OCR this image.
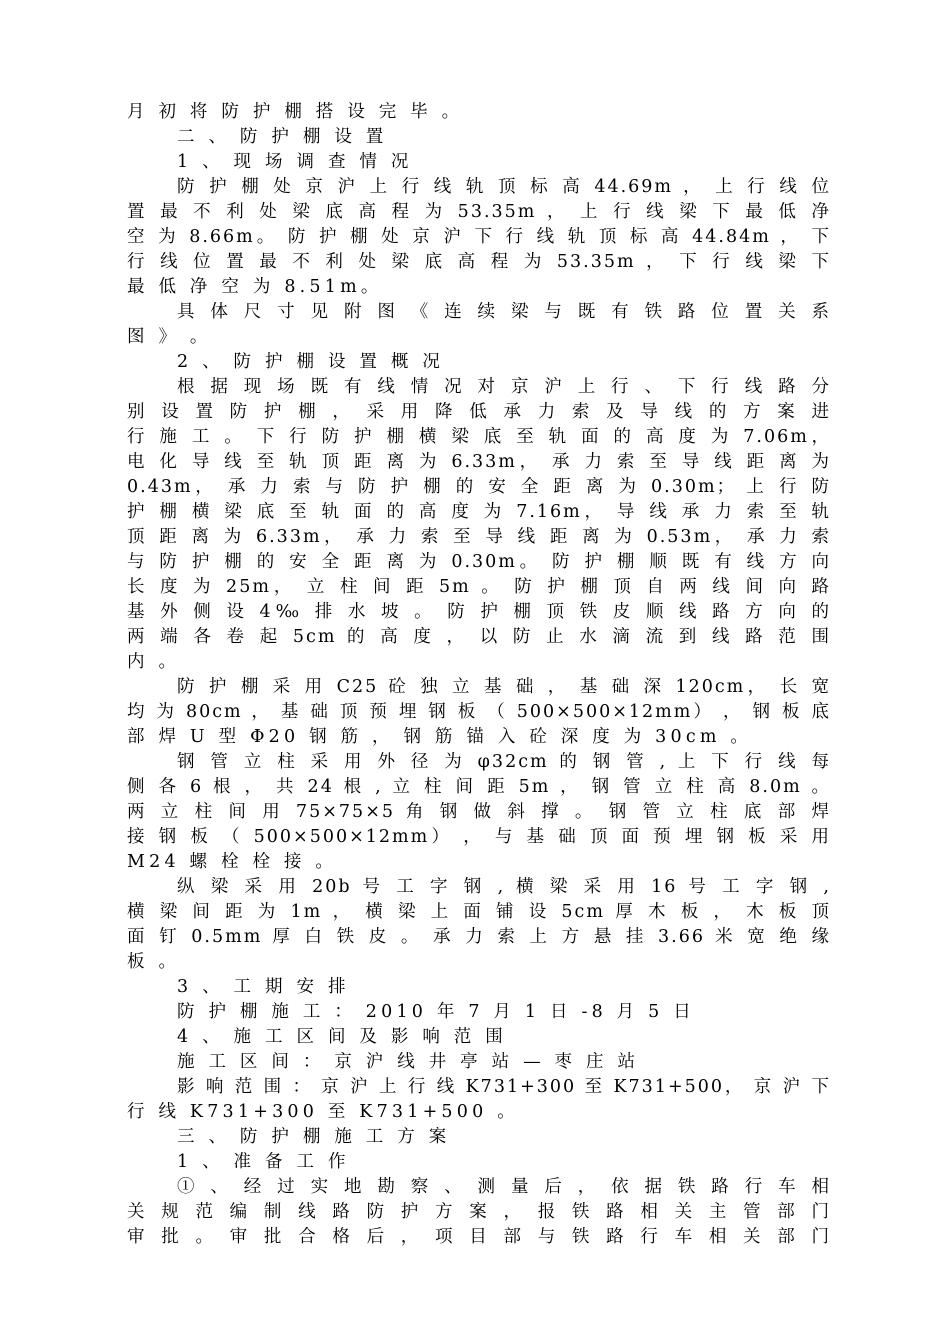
月 初 将 防 护 棚 搭 设 完 毕 。
二 、 防 护 棚 设 置
1 、 现 场 调 查 情 况
防 护 棚 处 京 沪 上 行 线 轨 顶 标 高 44.69m ， 上 行 线 位
置 最 不 利 处 梁 底 高 程 为 53.35m ， 上 行 线 梁 下 最 低 净
空 为 8.66m。 防 护 棚 处 京 沪 下 行 线 轨 顶 标 高 44.84m ， 下
行 线 位 置 最 不 利 处 梁 底 高 程 为 53.35m ， 下 行 线 梁 下
最 低 净 空 为 8.51m。
具 体 尺 寸 见 附 图 《 连 续 梁 与 既 有 铁 路 位 置 关 系
图 》 。
2 、 防 护 棚 设 置 概 况
根 据 现 场 既 有 线 情 况 对 京 沪 上 行 、 下 行 线 路 分
别 设 置 防 护 棚 ， 采 用 降 低 承 力 索 及 导 线 的 方 案 进
行 施 工 。 下 行 防 护 棚 横 梁 底 至 轨 面 的 高 度 为 7.06m，
电 化 导 线 至 轨 顶 距 离 为 6.33m， 承 力 索 至 导 线 距 离 为
0.43m， 承 力 索 与 防 护 棚 的 安 全 距 离 为 0.30m； 上 行 防
护 棚 横 梁 底 至 轨 面 的 高 度 为 7.16m， 导 线 承 力 索 至 轨
顶 距 离 为 6.33m， 承 力 索 至 导 线 距 离 为 0.53m， 承 力 索
与 防 护 棚 的 安 全 距 离 为 0.30m。 防 护 棚 顺 既 有 线 方 向
长 度 为 25m， 立 柱 间 距 5m 。 防 护 棚 顶 自 两 线 间 向 路
基 外 侧 设 4‰ 排 水 坡 。 防 护 棚 顶 铁 皮 顺 线 路 方 向 的
两 端 各 卷 起 5cm 的 高 度 ， 以 防 止 水 滴 流 到 线 路 范 围
内 。
防 护 棚 采 用 C25 砼 独 立 基 础 ， 基 础 深 120cm， 长 宽
均 为 80cm ， 基 础 顶 预 埋 钢 板 （ 500×500×12mm） ， 钢 板 底
部 焊 U 型 Φ20 钢 筋 ， 钢 筋 锚 入 砼 深 度 为 30cm 。
钢 管 立 柱 采 用 外 径 为 φ32cm 的 钢 管 , 上 下 行 线 每
侧 各 6 根 ， 共 24 根 , 立 柱 间 距 5m ， 钢 管 立 柱 高 8.0m 。
两 立 柱 间 用 75×75×5 角 钢 做 斜 撑 。 钢 管 立 柱 底 部 焊
接 钢 板 （ 500×500×12mm） ， 与 基 础 顶 面 预 埋 钢 板 采 用
M24 螺 栓 栓 接 。
纵 梁 采 用 20b 号 工 字 钢 , 横 梁 采 用 16 号 工 字 钢 ,
横 梁 间 距 为 1m ， 横 梁 上 面 铺 设 5cm 厚 木 板 ， 木 板 顶
面 钉 0.5mm 厚 白 铁 皮 。 承 力 索 上 方 悬 挂 3.66 米 宽 绝 缘
板 。
3 、 工 期 安 排
防 护 棚 施 工 ： 2010 年 7 月 1 日 -8 月 5 日
4 、 施 工 区 间 及 影 响 范 围
施 工 区 间 ： 京 沪 线 井 亭 站 — 枣 庄 站
影 响 范 围 ： 京 沪 上 行 线 K731+300 至 K731+500， 京 沪 下
行 线 K731+300 至 K731+500 。
三 、 防 护 棚 施 工 方 案
1 、 准 备 工 作
① 、 经 过 实 地 勘 察 、 测 量 后 ， 依 据 铁 路 行 车 相
关 规 范 编 制 线 路 防 护 方 案 ， 报 铁 路 相 关 主 管 部 门
审 批 。 审 批 合 格 后 ， 项 目 部 与 铁 路 行 车 相 关 部 门
